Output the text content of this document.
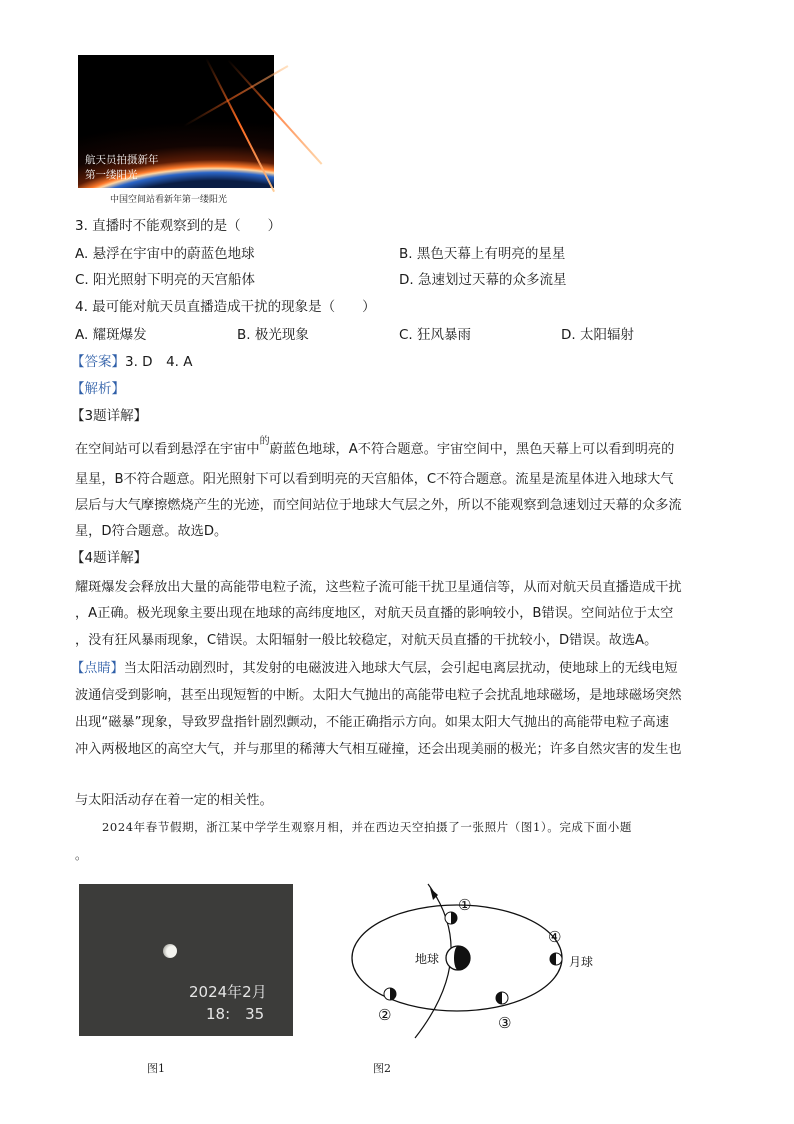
航天员拍摄新年
第一缕阳光
中国空间站看新年第一缕阳光
3. 直播时不能观察到的是（　　）
A. 悬浮在宇宙中的蔚蓝色地球	B. 黑色天幕上有明亮的星星
C. 阳光照射下明亮的天宫船体	D. 急速划过天幕的众多流星
4. 最可能对航天员直播造成干扰的现象是（　　）
A. 耀斑爆发	B. 极光现象	C. 狂风暴雨	D. 太阳辐射
【答案】3. D　4. A
【解析】
【3题详解】
在空间站可以看到悬浮在宇宙中$^的$蔚蓝色地球，A不符合题意。宇宙空间中，黑色天幕上可以看到明亮的
星星，B不符合题意。阳光照射下可以看到明亮的天宫船体，C不符合题意。流星是流星体进入地球大气
层后与大气摩擦燃烧产生的光迹，而空间站位于地球大气层之外，所以不能观察到急速划过天幕的众多流
星，D符合题意。故选D。
【4题详解】
耀斑爆发会释放出大量的高能带电粒子流，这些粒子流可能干扰卫星通信等，从而对航天员直播造成干扰
，A正确。极光现象主要出现在地球的高纬度地区，对航天员直播的影响较小，B错误。空间站位于太空
，没有狂风暴雨现象，C错误。太阳辐射一般比较稳定，对航天员直播的干扰较小，D错误。故选A。
【点睛】当太阳活动剧烈时，其发射的电磁波进入地球大气层，会引起电离层扰动，使地球上的无线电短
波通信受到影响，甚至出现短暂的中断。太阳大气抛出的高能带电粒子会扰乱地球磁场，是地球磁场突然
出现“磁暴”现象，导致罗盘指针剧烈颤动，不能正确指示方向。如果太阳大气抛出的高能带电粒子高速
冲入两极地区的高空大气，并与那里的稀薄大气相互碰撞，还会出现美丽的极光；许多自然灾害的发生也
与太阳活动存在着一定的相关性。
2024年春节假期，浙江某中学学生观察月相，并在西边天空拍摄了一张照片（图1）。完成下面小题
。
2024年2月
18:　35
图1
地球
①
②	③
④
月球
图2
